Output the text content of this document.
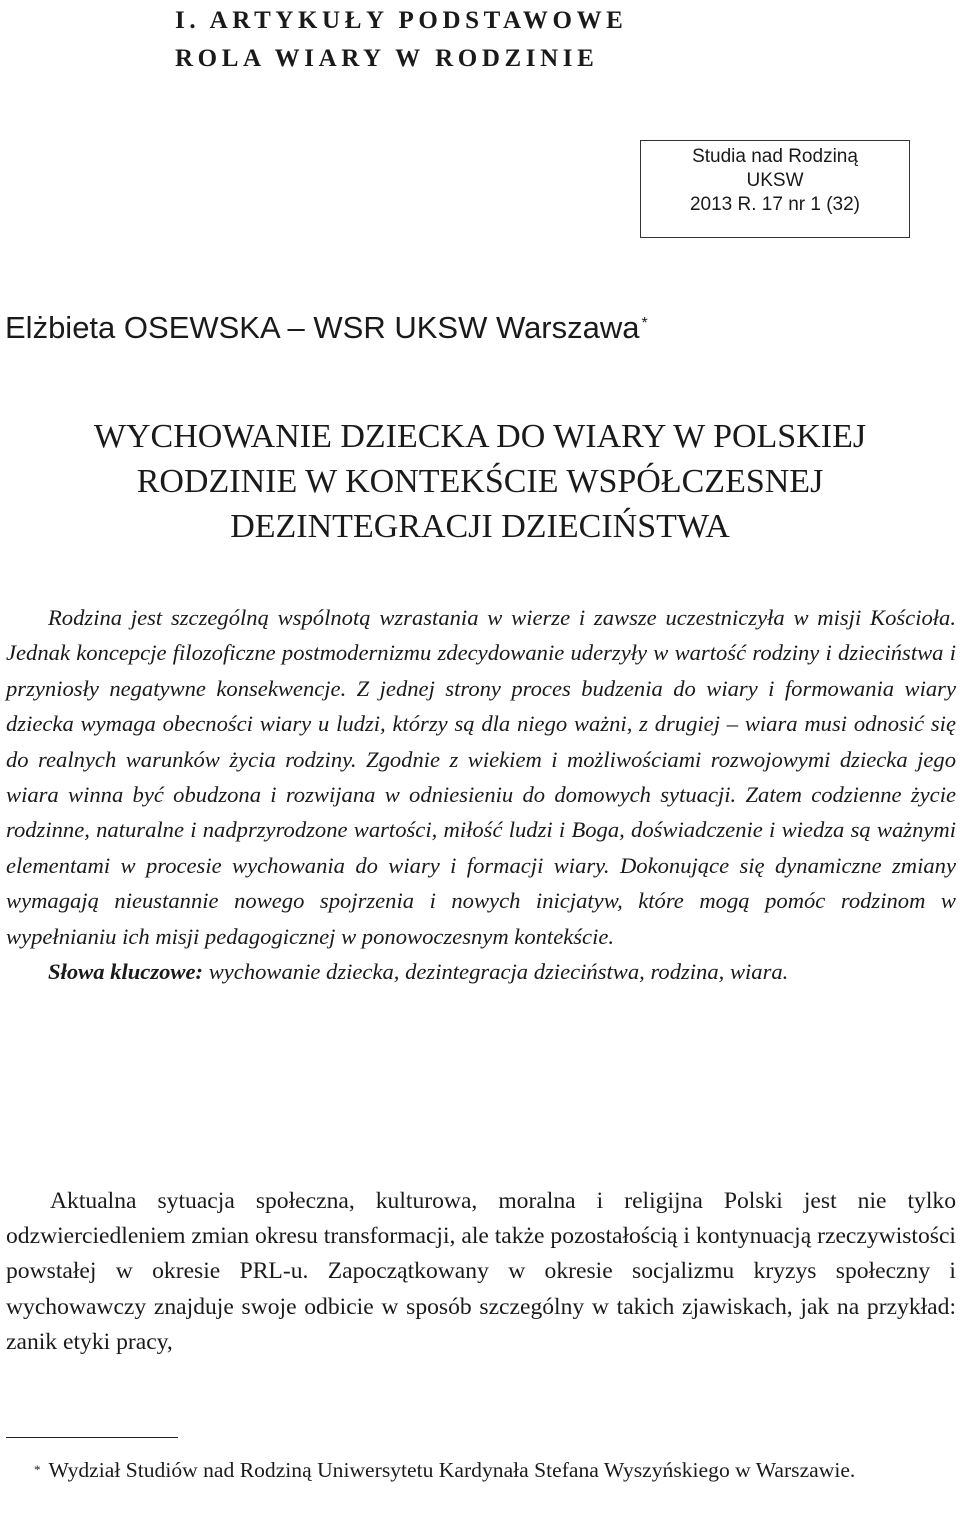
I. ARTYKUŁY PODSTAWOWE
ROLA WIARY W RODZINIE
Studia nad Rodziną
UKSW
2013 R. 17 nr 1 (32)
Elżbieta OSEWSKA – WSR UKSW Warszawa *
WYCHOWANIE DZIECKA DO WIARY W POLSKIEJ
RODZINIE W KONTEKŚCIE WSPÓŁCZESNEJ
DEZINTEGRACJI DZIECIŃSTWA

Rodzina jest szczególną wspólnotą wzrastania w wierze i zawsze uczestniczyła w misji Kościoła. Jednak koncepcje filozoficzne postmodernizmu zdecydowanie uderzyły w wartość rodziny i dzieciństwa i przyniosły negatywne konsekwencje. Z jednej strony proces budzenia do wiary i formowania wiary dziecka wymaga obecności wiary u ludzi, którzy są dla niego ważni, z drugiej – wiara musi odnosić się do realnych warunków życia rodziny. Zgodnie z wiekiem i możliwościami rozwojowymi dziecka jego wiara winna być obudzona i rozwijana w odniesieniu do domowych sytuacji. Zatem codzienne życie rodzinne, naturalne i nadprzyrodzone wartości, miłość ludzi i Boga, doświadczenie i wiedza są ważnymi elementami w procesie wychowania do wiary i formacji wiary. Dokonujące się dynamiczne zmiany wymagają nieustannie nowego spojrzenia i nowych inicjatyw, które mogą pomóc rodzinom w wypełnianiu ich misji pedagogicznej w ponowoczesnym kontekście.

Słowa kluczowe: wychowanie dziecka, dezintegracja dzieciństwa, rodzina, wiara.

Aktualna sytuacja społeczna, kulturowa, moralna i religijna Polski jest nie tylko odzwierciedleniem zmian okresu transformacji, ale także pozostałością i kontynuacją rzeczywistości powstałej w okresie PRL-u. Zapoczątkowany w okresie socjalizmu kryzys społeczny i wychowawczy znajduje swoje odbicie w sposób szczególny w takich zjawiskach, jak na przykład: zanik etyki pracy,

* Wydział Studiów nad Rodziną Uniwersytetu Kardynała Stefana Wyszyńskiego w Warszawie.
